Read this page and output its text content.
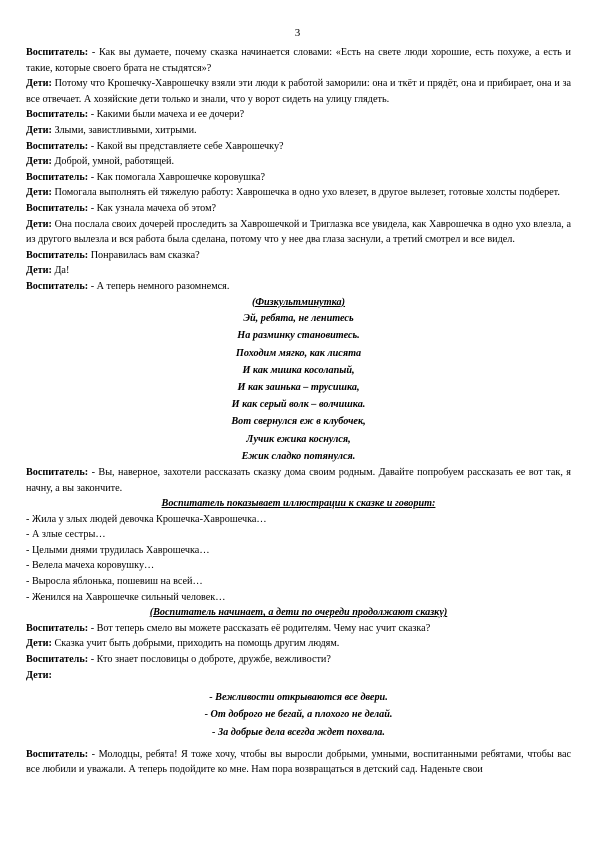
3

Воспитатель: - Как вы думаете, почему сказка начинается словами: «Есть на свете люди хорошие, есть похуже, а есть и такие, которые своего брата не стыдятся»?

Дети: Потому что Крошечку-Хаврошечку взяли эти люди к работой заморили: она и ткёт и прядёт, она и прибирает, она и за все отвечает. А хозяйские дети только и знали, что у ворот сидеть на улицу глядеть.

Воспитатель: - Какими были мачеха и ее дочери?

Дети: Злыми, завистливыми, хитрыми.

Воспитатель: - Какой вы представляете себе Хаврошечку?

Дети: Доброй, умной, работящей.

Воспитатель: - Как помогала Хаврошечке коровушка?

Дети: Помогала выполнять ей тяжелую работу: Хаврошечка в одно ухо влезет, в другое вылезет, готовые холсты подберет.

Воспитатель: - Как узнала мачеха об этом?

Дети: Она послала своих дочерей проследить за Хаврошечкой и Триглазка все увидела, как Хаврошечка в одно ухо влезла, а из другого вылезла и вся работа была сделана, потому что у нее два глаза заснули, а третий смотрел и все видел.

Воспитатель: Понравилась вам сказка?

Дети: Да!

Воспитатель: - А теперь немного разомнемся.

(Физкультминутка)

Эй, ребята, не ленитесь

На разминку становитесь.

Походим мягко, как лисята

И как мишка косолапый,

И как заинька – трусишка,

И как серый волк – волчишка.

Вот свернулся еж в клубочек,

Лучик ежика коснулся,

Ежик сладко потянулся.

Воспитатель: - Вы, наверное, захотели рассказать сказку дома своим родным. Давайте попробуем рассказать ее вот так, я начну, а вы закончите.

Воспитатель показывает иллюстрации к сказке и говорит:

- Жила у злых людей девочка Крошечка-Хаврошечка…

- А злые сестры…

- Целыми днями трудилась Хаврошечка…

- Велела мачеха коровушку…

- Выросла яблонька, пошевиш на всей…

- Женился на Хаврошечке сильный человек…

(Воспитатель начинает, а дети по очереди продолжают сказку)

Воспитатель: - Вот теперь смело вы можете рассказать её родителям. Чему нас учит сказка?

Дети: Сказка учит быть добрыми, приходить на помощь другим людям.

Воспитатель: - Кто знает пословицы о доброте, дружбе, вежливости?

Дети:

- Вежливости открываются все двери.

- От доброго не бегай, а плохого не делай.

- За добрые дела всегда ждет похвала.

Воспитатель: - Молодцы, ребята! Я тоже хочу, чтобы вы выросли добрыми, умными, воспитанными ребятами, чтобы вас все любили и уважали. А теперь подойдите ко мне. Нам пора возвращаться в детский сад. Наденьте свои
